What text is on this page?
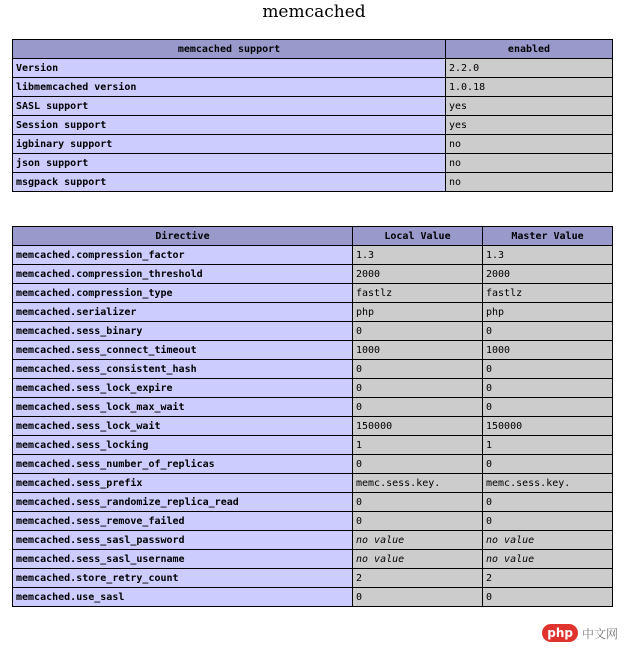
memcached
memcached support	enabled
Version	2.2.0
libmemcached version	1.0.18
SASL support	yes
Session support	yes
igbinary support	no
json support	no
msgpack support	no
Directive	Local Value	Master Value
memcached.compression_factor	1.3	1.3
memcached.compression_threshold	2000	2000
memcached.compression_type	fastlz	fastlz
memcached.serializer	php	php
memcached.sess_binary	0	0
memcached.sess_connect_timeout	1000	1000
memcached.sess_consistent_hash	0	0
memcached.sess_lock_expire	0	0
memcached.sess_lock_max_wait	0	0
memcached.sess_lock_wait	150000	150000
memcached.sess_locking	1	1
memcached.sess_number_of_replicas	0	0
memcached.sess_prefix	memc.sess.key.	memc.sess.key.
memcached.sess_randomize_replica_read	0	0
memcached.sess_remove_failed	0	0
memcached.sess_sasl_password	no value	no value
memcached.sess_sasl_username	no value	no value
memcached.store_retry_count	2	2
memcached.use_sasl	0	0
php 中文网
